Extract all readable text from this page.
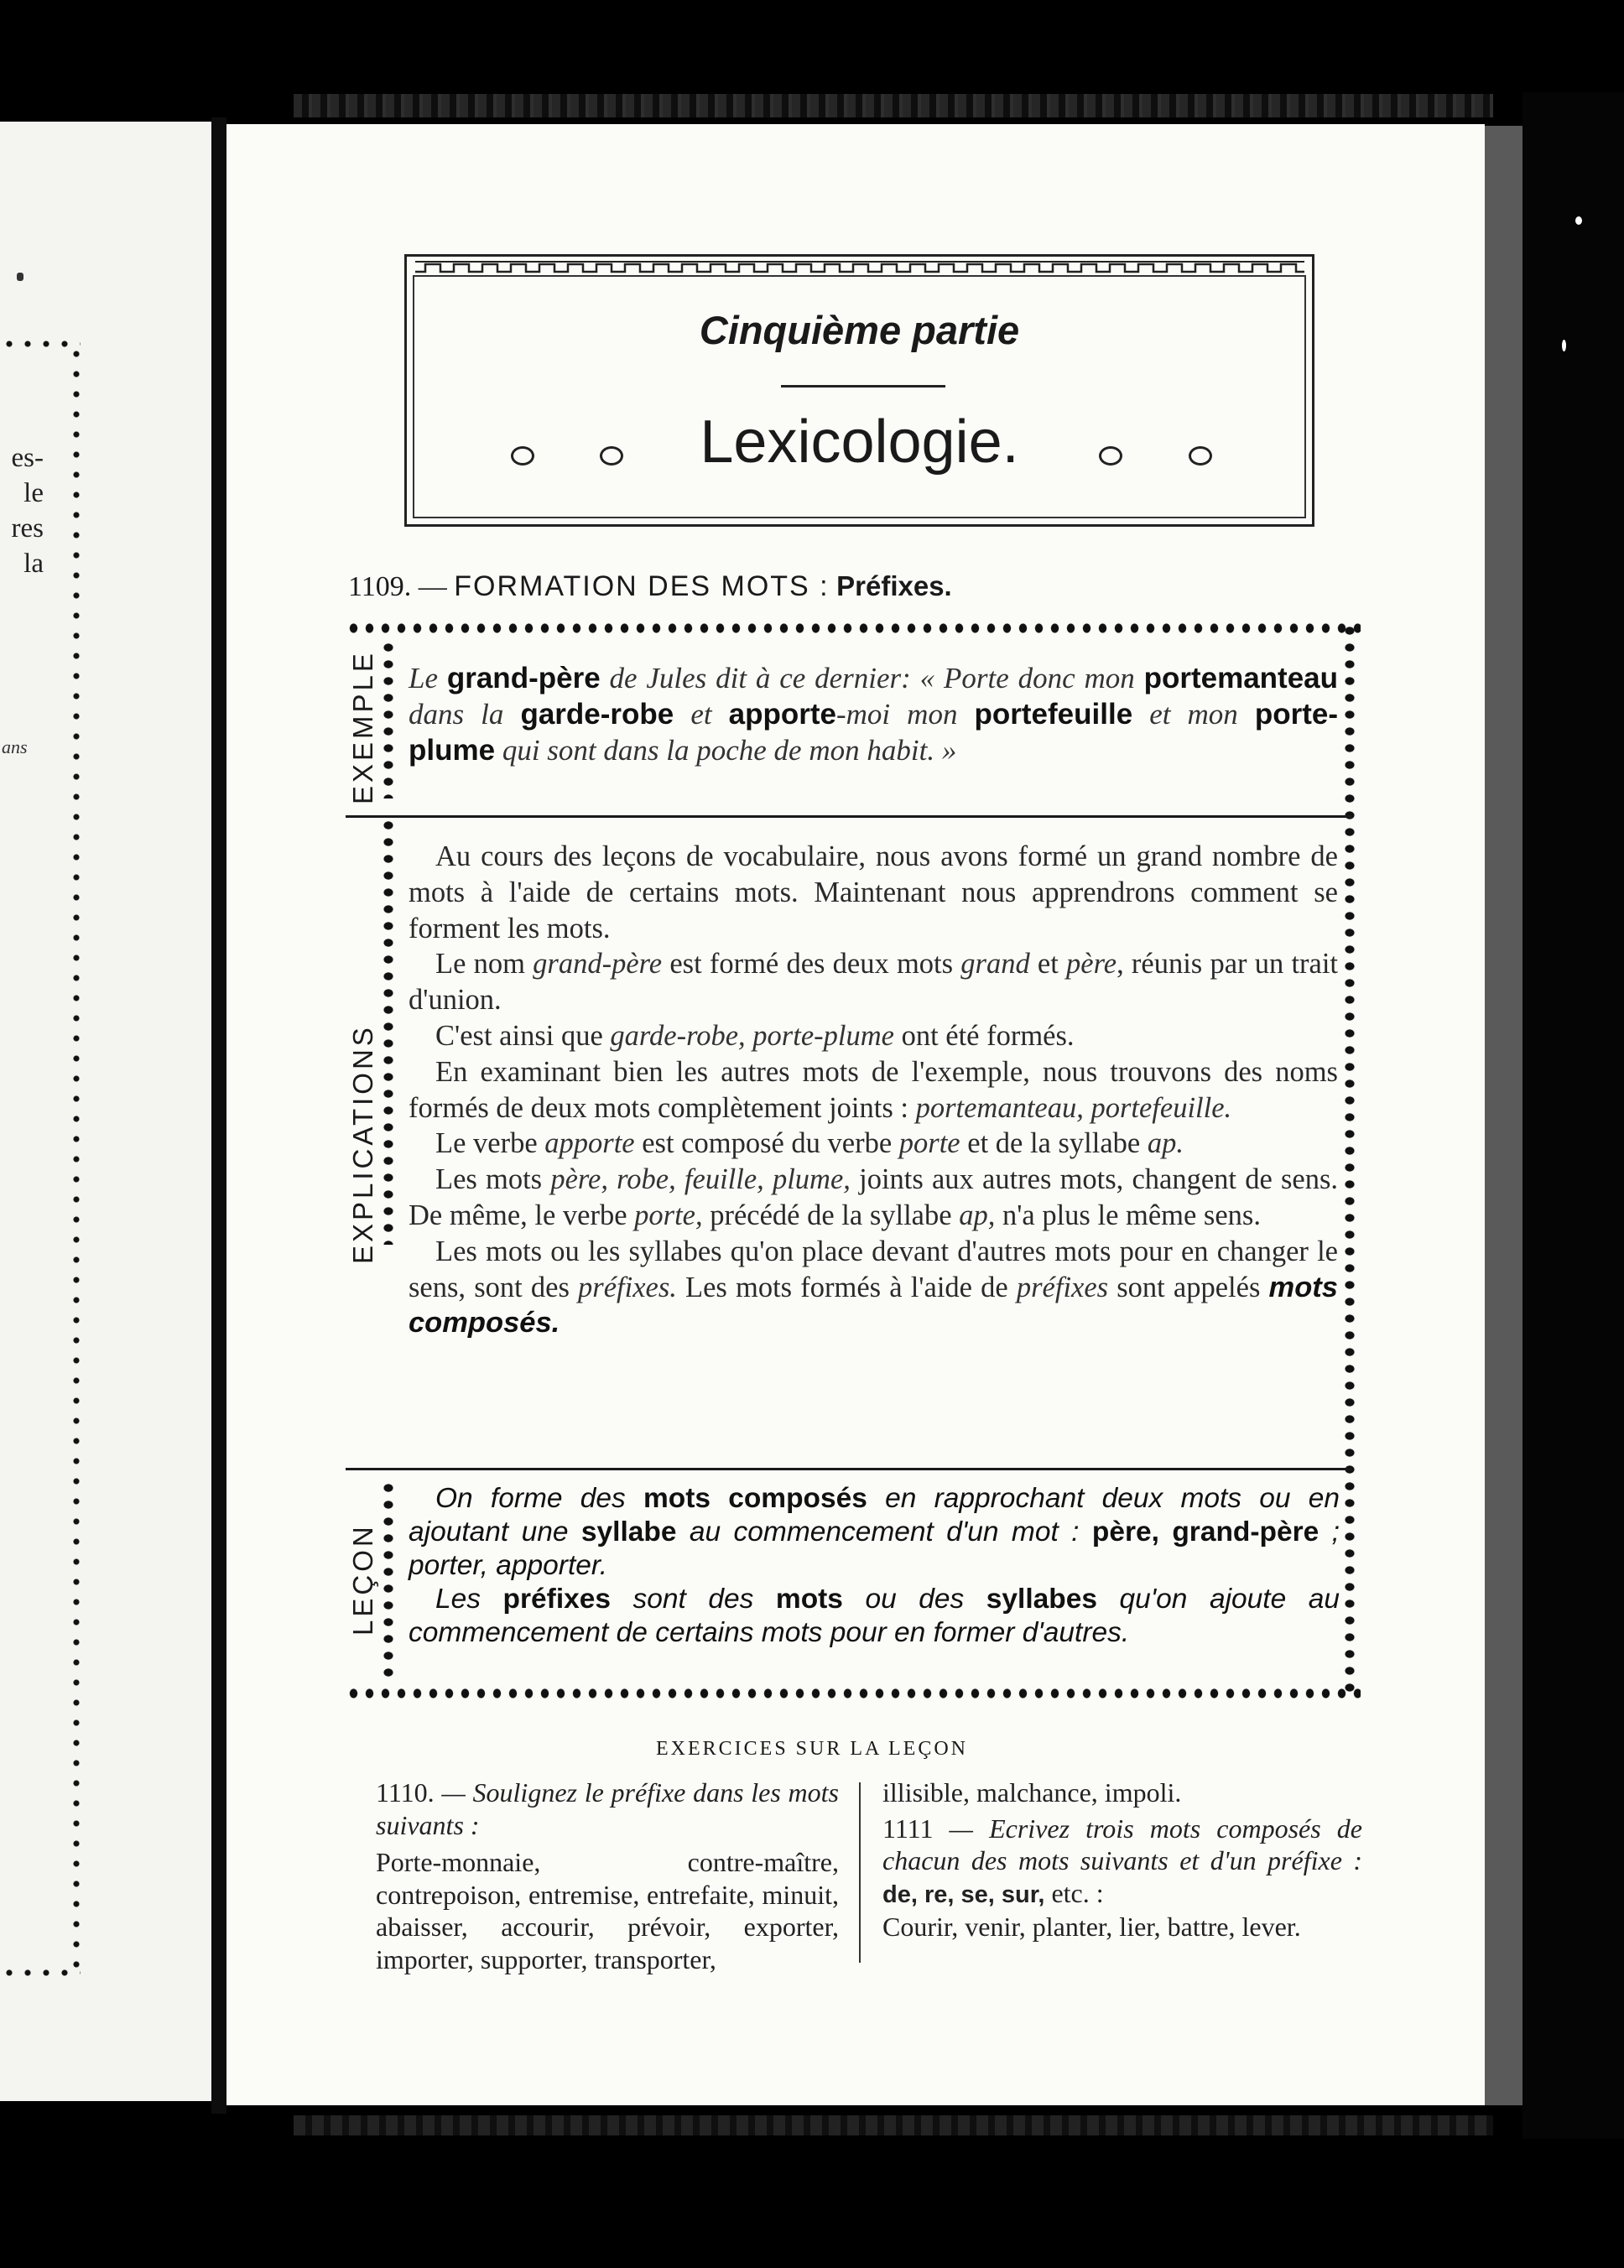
es-
le
res
la
ans
Cinquième partie
Lexicologie.
1109. — FORMATION DES MOTS : Préfixes.
EXEMPLE
EXPLICATIONS
LEÇON
Le grand-père de Jules dit à ce dernier: « Porte donc mon portemanteau dans la garde-robe et apporte-moi mon portefeuille et mon porte-plume qui sont dans la poche de mon habit. »

Au cours des leçons de vocabulaire, nous avons formé un grand nombre de mots à l'aide de certains mots. Maintenant nous apprendrons comment se forment les mots.

Le nom grand-père est formé des deux mots grand et père, réunis par un trait d'union.

C'est ainsi que garde-robe, porte-plume ont été formés.

En examinant bien les autres mots de l'exemple, nous trouvons des noms formés de deux mots complètement joints : portemanteau, portefeuille.

Le verbe apporte est composé du verbe porte et de la syllabe ap.

Les mots père, robe, feuille, plume, joints aux autres mots, changent de sens. De même, le verbe porte, précédé de la syllabe ap, n'a plus le même sens.

Les mots ou les syllabes qu'on place devant d'autres mots pour en changer le sens, sont des préfixes. Les mots formés à l'aide de préfixes sont appelés mots composés.

On forme des mots composés en rapprochant deux mots ou en ajoutant une syllabe au commencement d'un mot : père, grand-père ; porter, apporter.

Les préfixes sont des mots ou des syllabes qu'on ajoute au commencement de certains mots pour en former d'autres.

EXERCICES SUR LA LEÇON

1110. — Soulignez le préfixe dans les mots suivants :

Porte-monnaie, contre-maître, contrepoison, entremise, entrefaite, minuit, abaisser, accourir, prévoir, exporter, importer, supporter, transporter,

illisible, malchance, impoli.

1111 — Ecrivez trois mots composés de chacun des mots suivants et d'un préfixe : de, re, se, sur, etc. :

Courir, venir, planter, lier, battre, lever.
